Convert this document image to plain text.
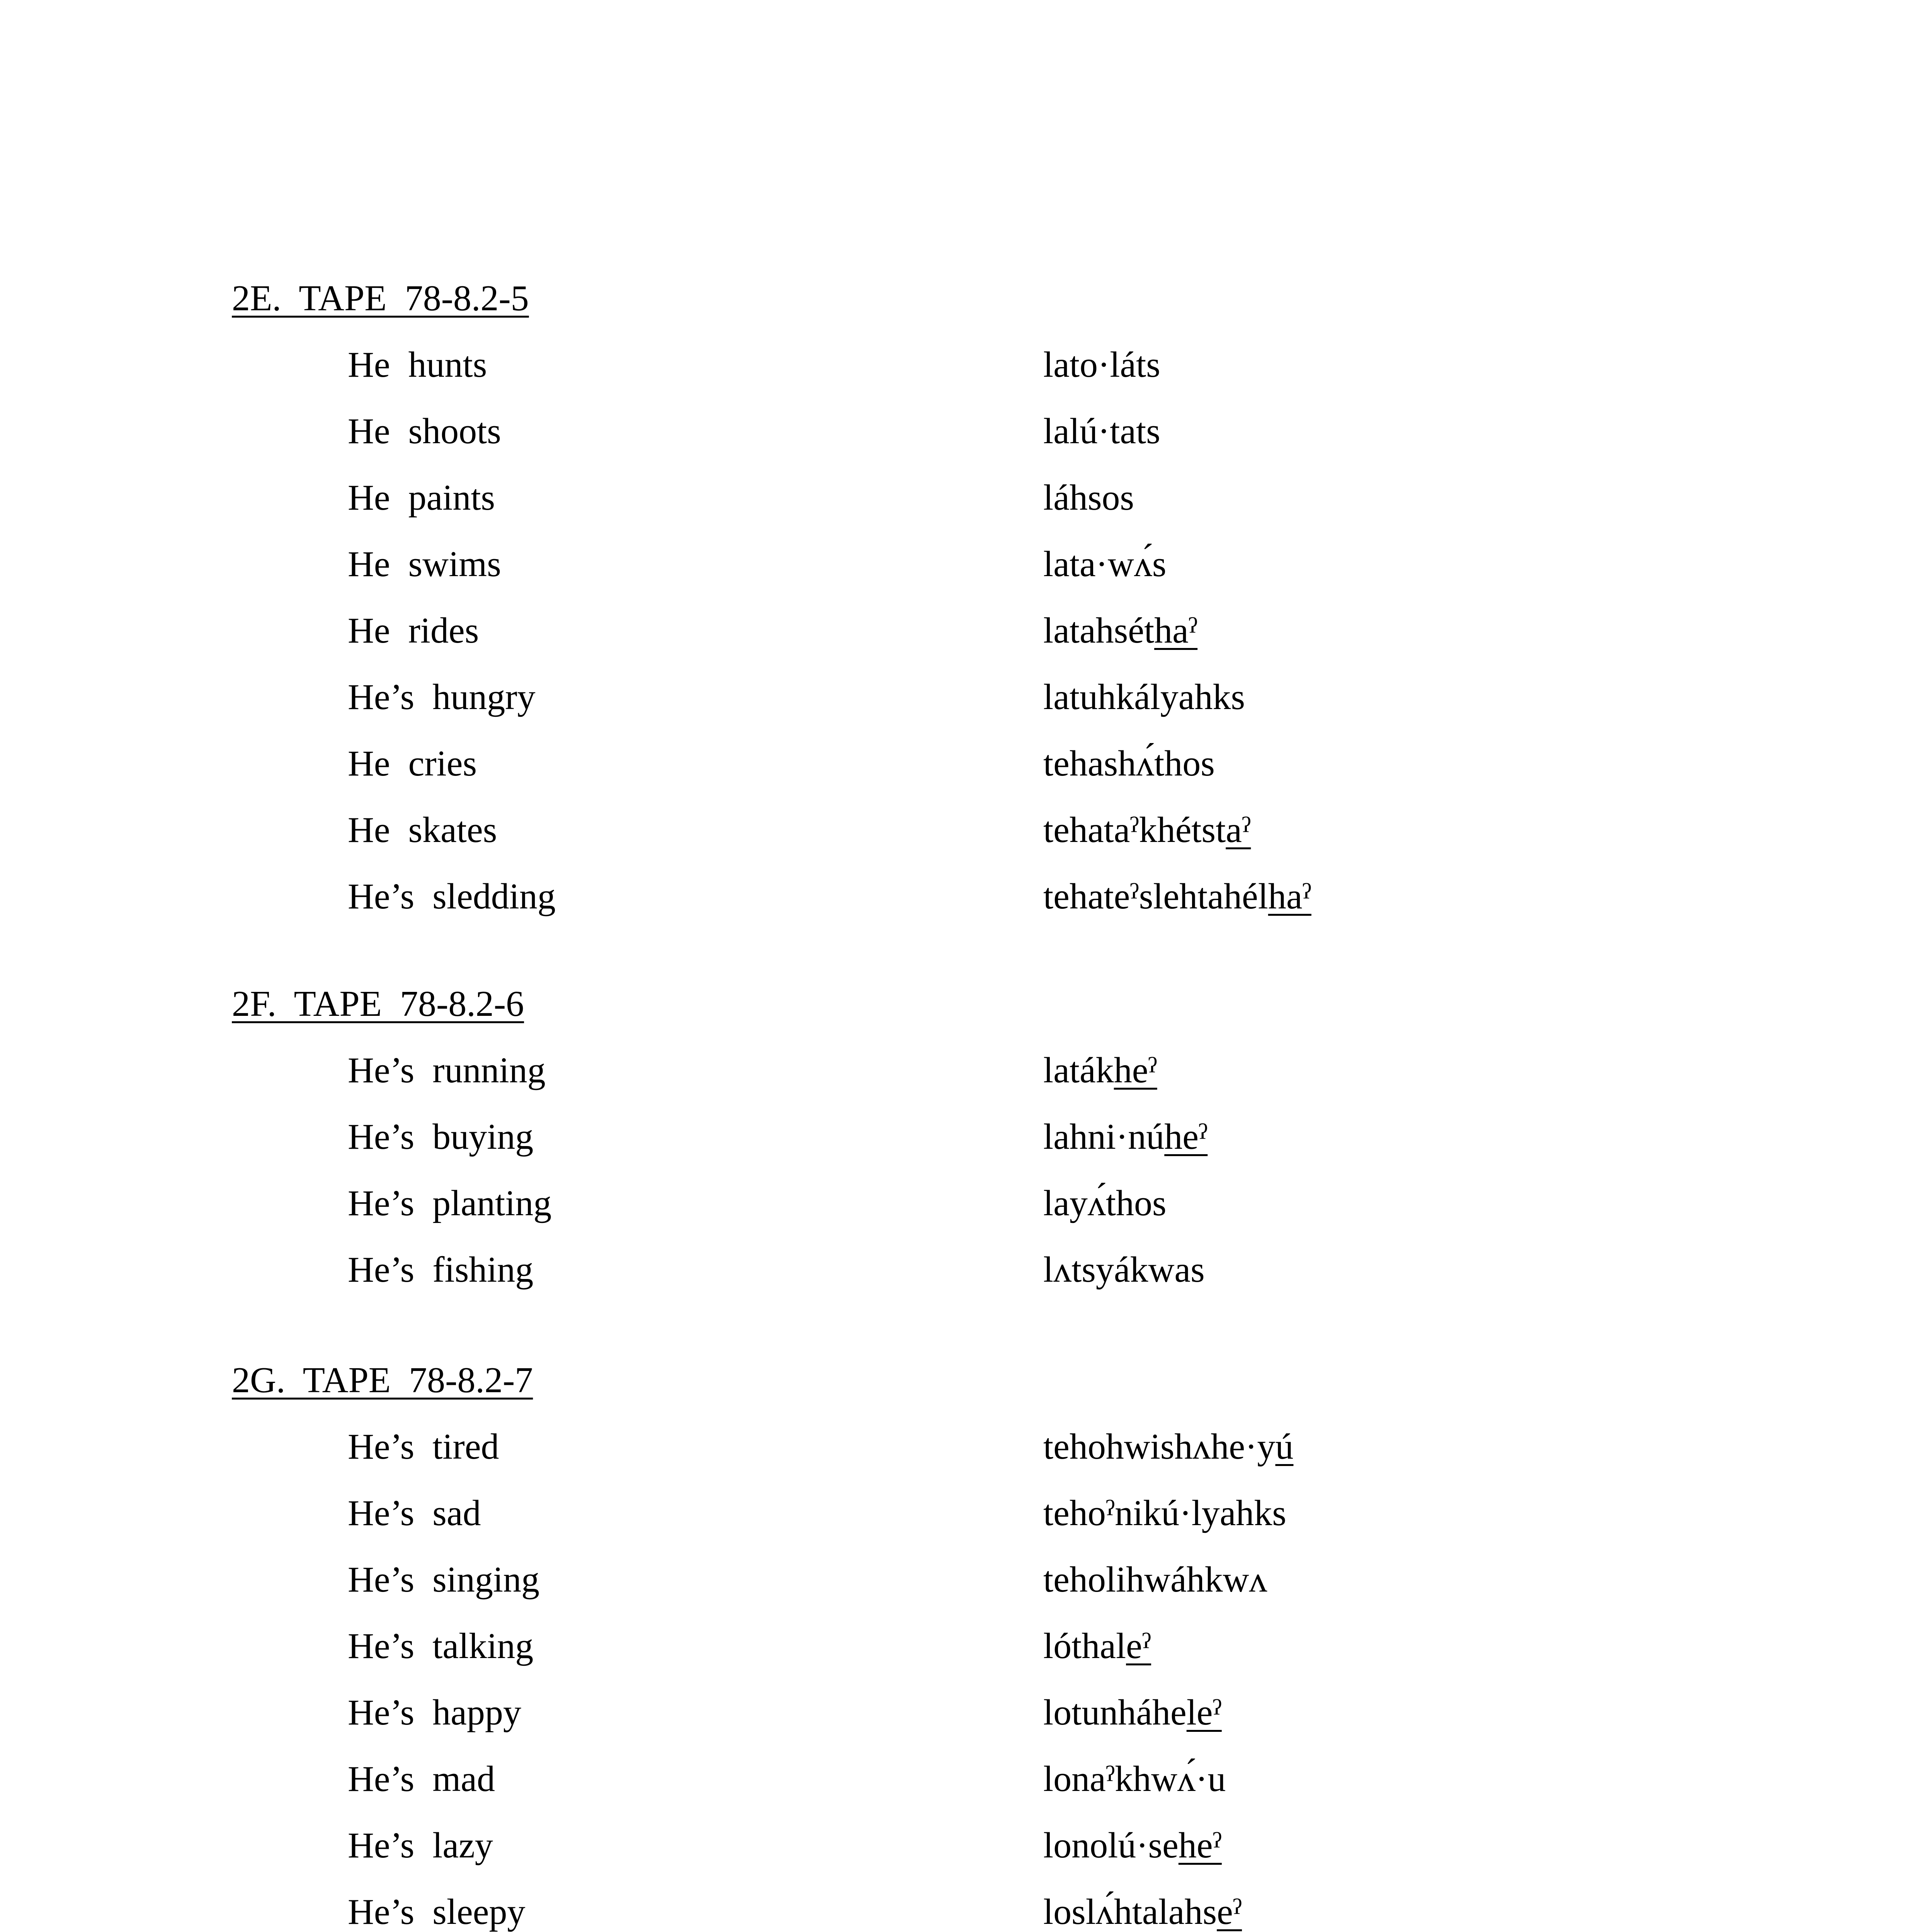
2E.  TAPE  78-8.2-5
He  hunts	lato·láts
He  shoots	lalú·tats
He  paints	láhsos
He  swims	lata·wʌ́s
He  rides	latahséthaˀ
He’s  hungry	latuhkályahks
He  cries	tehashʌ́thos
He  skates	tehataˀkhétstaˀ
He’s  sledding	tehateˀslehtahélhaˀ
2F.  TAPE  78-8.2-6
He’s  running	latákheˀ
He’s  buying	lahni·núheˀ
He’s  planting	layʌ́thos
He’s  fishing	lʌtsyákwas
2G.  TAPE  78-8.2-7
He’s  tired	tehohwishʌhe·yú
He’s  sad	tehoˀnikú·lyahks
He’s  singing	teholihwáhkwʌ
He’s  talking	lóthaleˀ
He’s  happy	lotunháheleˀ
He’s  mad	lonaˀkhwʌ́·u
He’s  lazy	lonolú·seheˀ
He’s  sleepy	loslʌ́htalahseˀ
